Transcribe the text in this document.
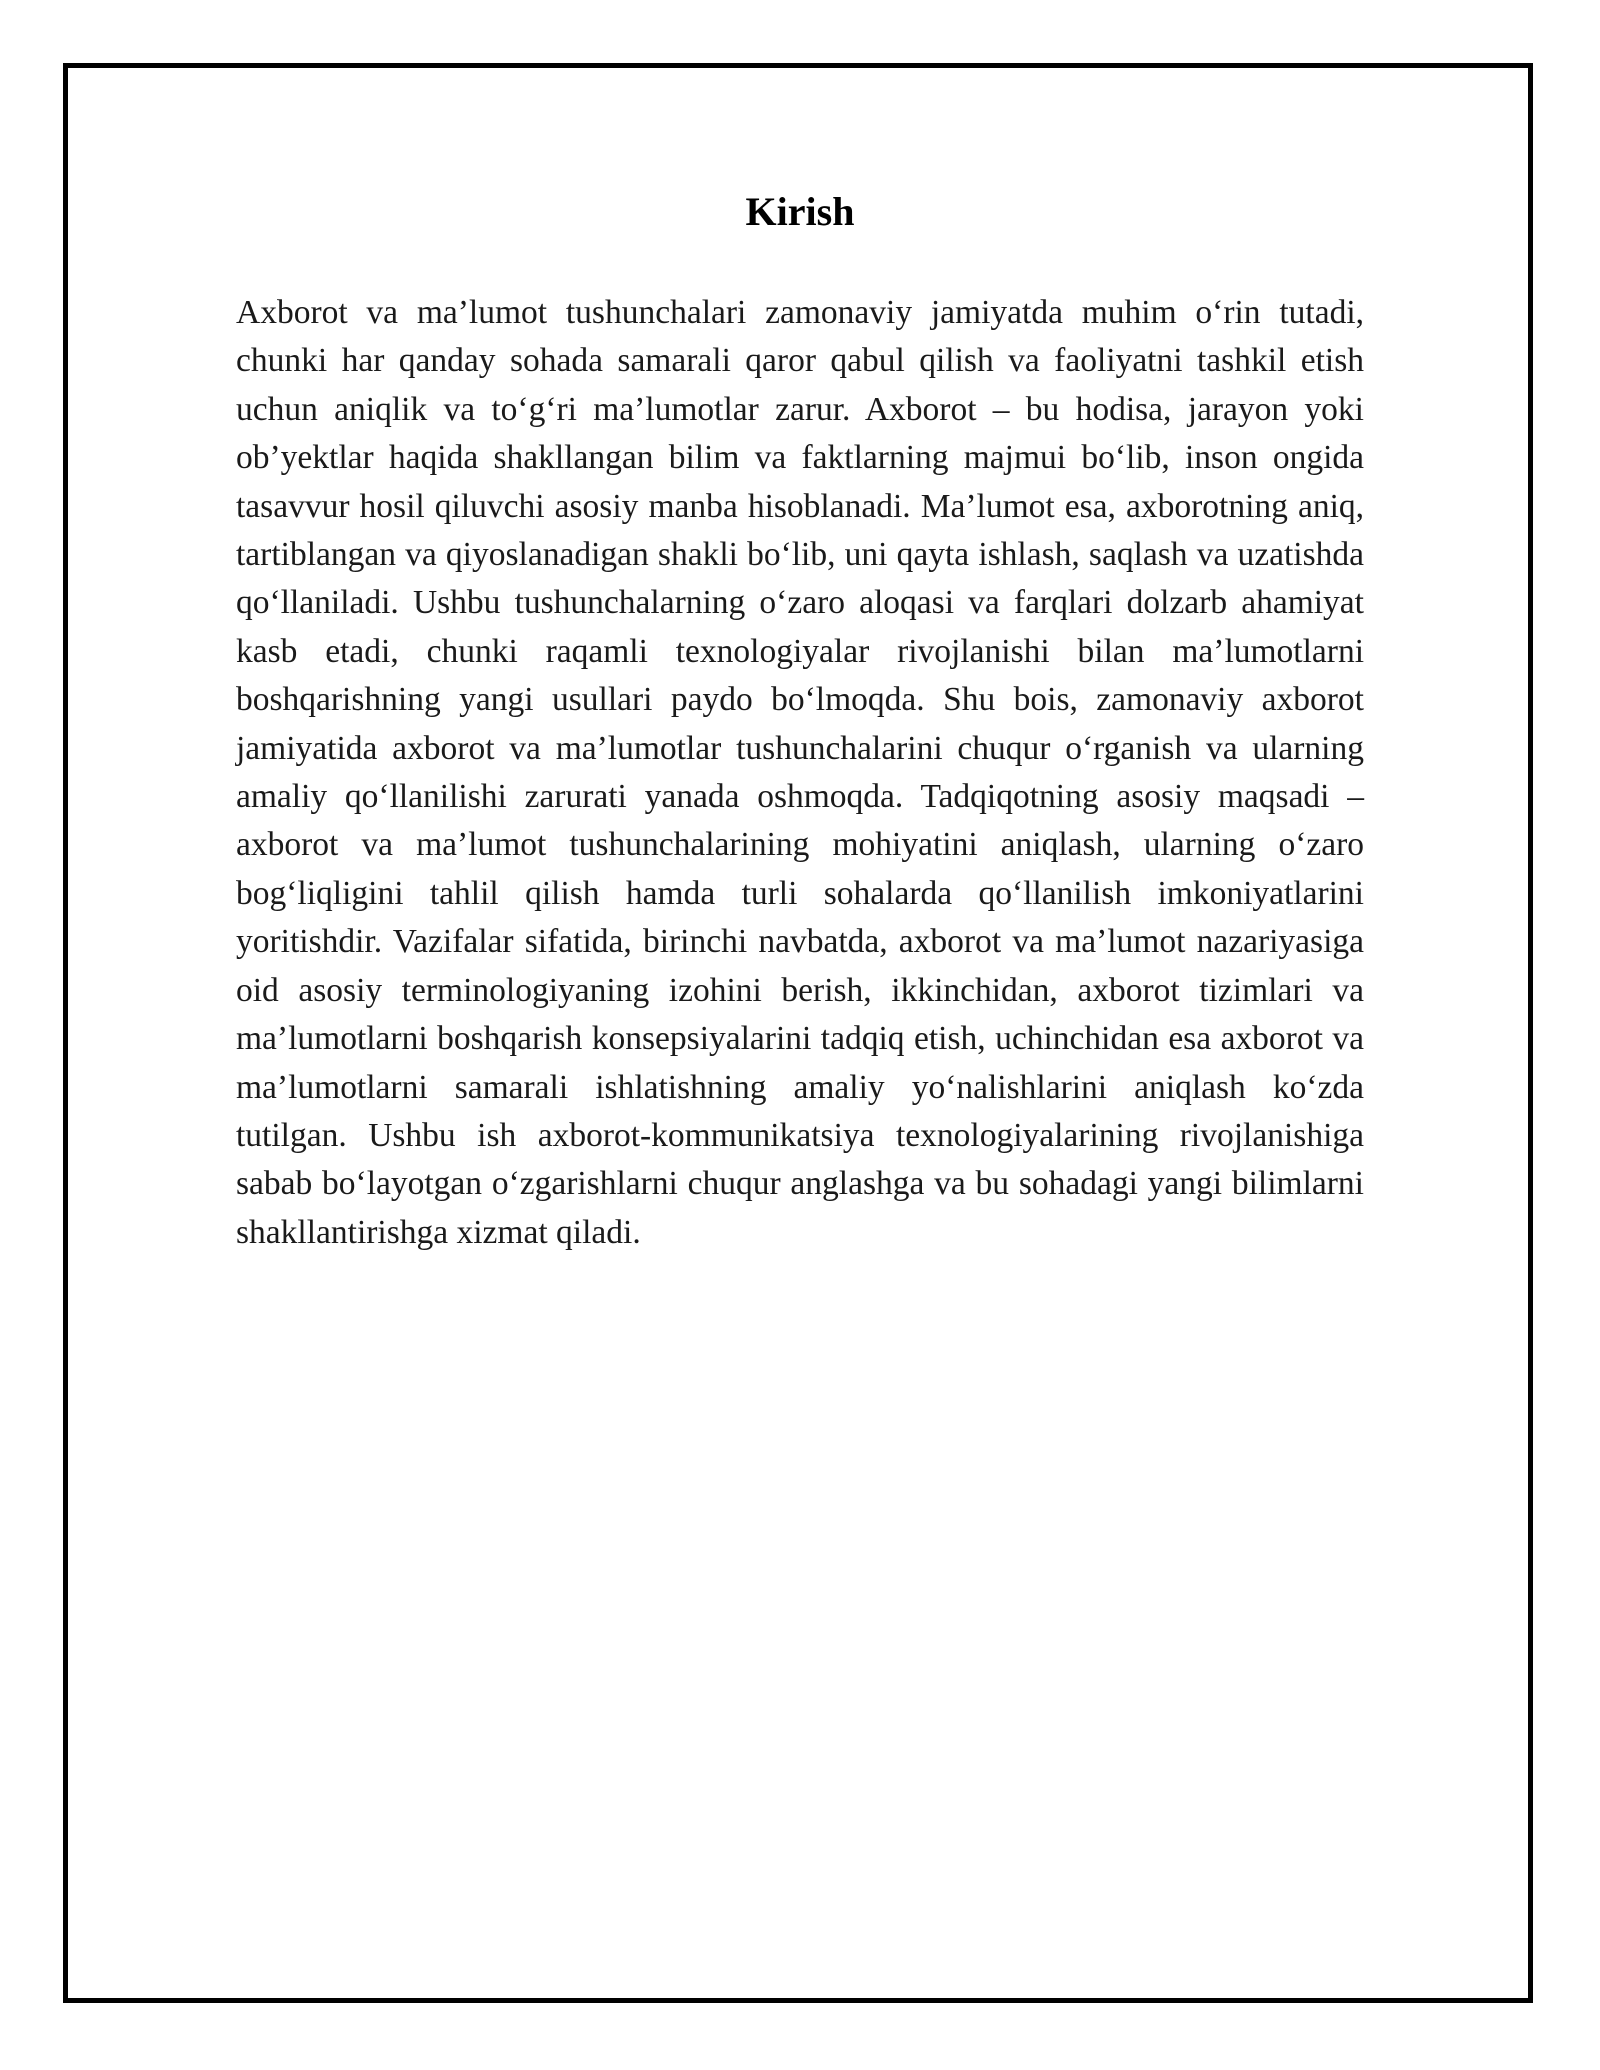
Kirish

Axborot va ma’lumot tushunchalari zamonaviy jamiyatda muhim o‘rin tutadi, chunki har qanday sohada samarali qaror qabul qilish va faoliyatni tashkil etish uchun aniqlik va to‘g‘ri ma’lumotlar zarur. Axborot – bu hodisa, jarayon yoki ob’yektlar haqida shakllangan bilim va faktlarning majmui bo‘lib, inson ongida tasavvur hosil qiluvchi asosiy manba hisoblanadi. Ma’lumot esa, axborotning aniq, tartiblangan va qiyoslanadigan shakli bo‘lib, uni qayta ishlash, saqlash va uzatishda qo‘llaniladi. Ushbu tushunchalarning o‘zaro aloqasi va farqlari dolzarb ahamiyat kasb etadi, chunki raqamli texnologiyalar rivojlanishi bilan ma’lumotlarni boshqarishning yangi usullari paydo bo‘lmoqda. Shu bois, zamonaviy axborot jamiyatida axborot va ma’lumotlar tushunchalarini chuqur o‘rganish va ularning amaliy qo‘llanilishi zarurati yanada oshmoqda. Tadqiqotning asosiy maqsadi – axborot va ma’lumot tushunchalarining mohiyatini aniqlash, ularning o‘zaro bog‘liqligini tahlil qilish hamda turli sohalarda qo‘llanilish imkoniyatlarini yoritishdir. Vazifalar sifatida, birinchi navbatda, axborot va ma’lumot nazariyasiga oid asosiy terminologiyaning izohini berish, ikkinchidan, axborot tizimlari va ma’lumotlarni boshqarish konsepsiyalarini tadqiq etish, uchinchidan esa axborot va ma’lumotlarni samarali ishlatishning amaliy yo‘nalishlarini aniqlash ko‘zda tutilgan. Ushbu ish axborot-kommunikatsiya texnologiyalarining rivojlanishiga sabab bo‘layotgan o‘zgarishlarni chuqur anglashga va bu sohadagi yangi bilimlarni shakllantirishga xizmat qiladi.
